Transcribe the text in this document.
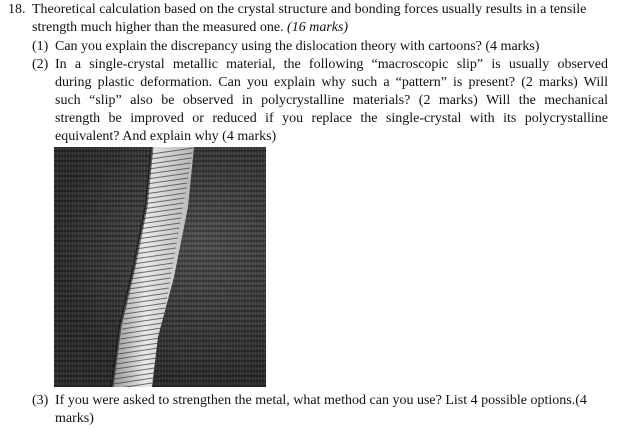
18. Theoretical calculation based on the crystal structure and bonding forces usually results in a tensile
strength much higher than the measured one. (16 marks)
(1) Can you explain the discrepancy using the dislocation theory with cartoons? (4 marks)
(2) In a single-crystal metallic material, the following “macroscopic slip” is usually observed
during plastic deformation. Can you explain why such a “pattern” is present? (2 marks) Will
such “slip” also be observed in polycrystalline materials? (2 marks) Will the mechanical
strength be improved or reduced if you replace the single-crystal with its polycrystalline
equivalent? And explain why (4 marks)
(3) If you were asked to strengthen the metal, what method can you use? List 4 possible options.(4
marks)
